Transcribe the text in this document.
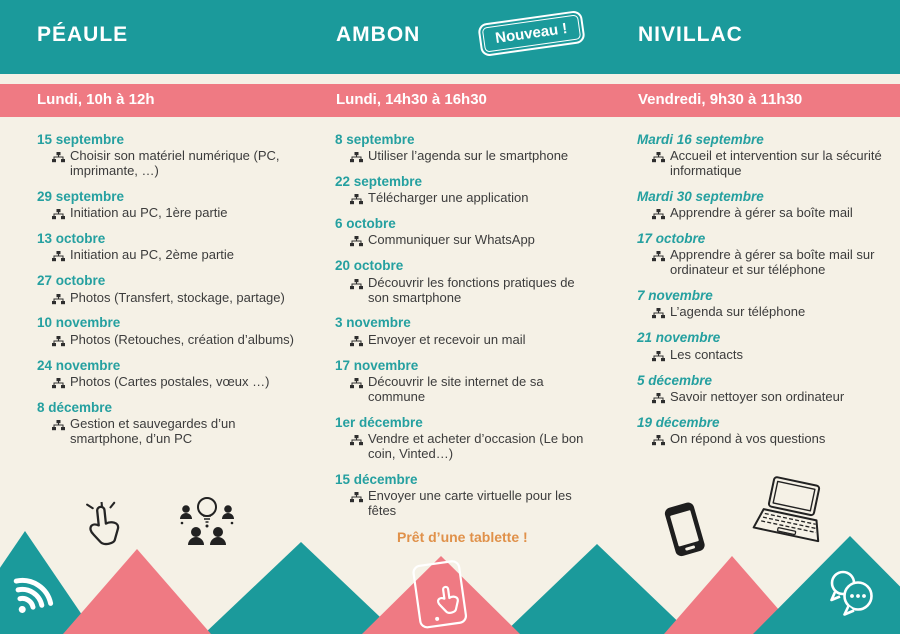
PÉAULE	AMBON	NIVILLAC
Nouveau !
Lundi, 10h à 12h	Lundi, 14h30 à 16h30	Vendredi, 9h30 à 11h30
15 septembre
Choisir son matériel numérique (PC, imprimante, …)
29 septembre
Initiation au PC, 1ère partie
13 octobre
Initiation au PC, 2ème partie
27 octobre
Photos (Transfert, stockage, partage)
10 novembre
Photos (Retouches, création d’albums)
24 novembre
Photos (Cartes postales, vœux …)
8 décembre
Gestion et sauvegardes d’un smartphone, d’un PC
8 septembre
Utiliser l’agenda sur le smartphone
22 septembre
Télécharger une application
6 octobre
Communiquer sur WhatsApp
20 octobre
Découvrir les fonctions pratiques de son smartphone
3 novembre
Envoyer et recevoir un mail
17 novembre
Découvrir le site internet de sa commune
1er décembre
Vendre et acheter d’occasion (Le bon coin, Vinted…)
15 décembre
Envoyer une carte virtuelle pour les fêtes
Prêt d’une tablette !
Mardi 16 septembre
Accueil et intervention sur la sécurité informatique
Mardi 30 septembre
Apprendre à gérer sa boîte mail
17 octobre
Apprendre à gérer sa boîte mail sur ordinateur et sur téléphone
7 novembre
L’agenda sur téléphone
21 novembre
Les contacts
5 décembre
Savoir nettoyer son ordinateur
19 décembre
On répond à vos questions
